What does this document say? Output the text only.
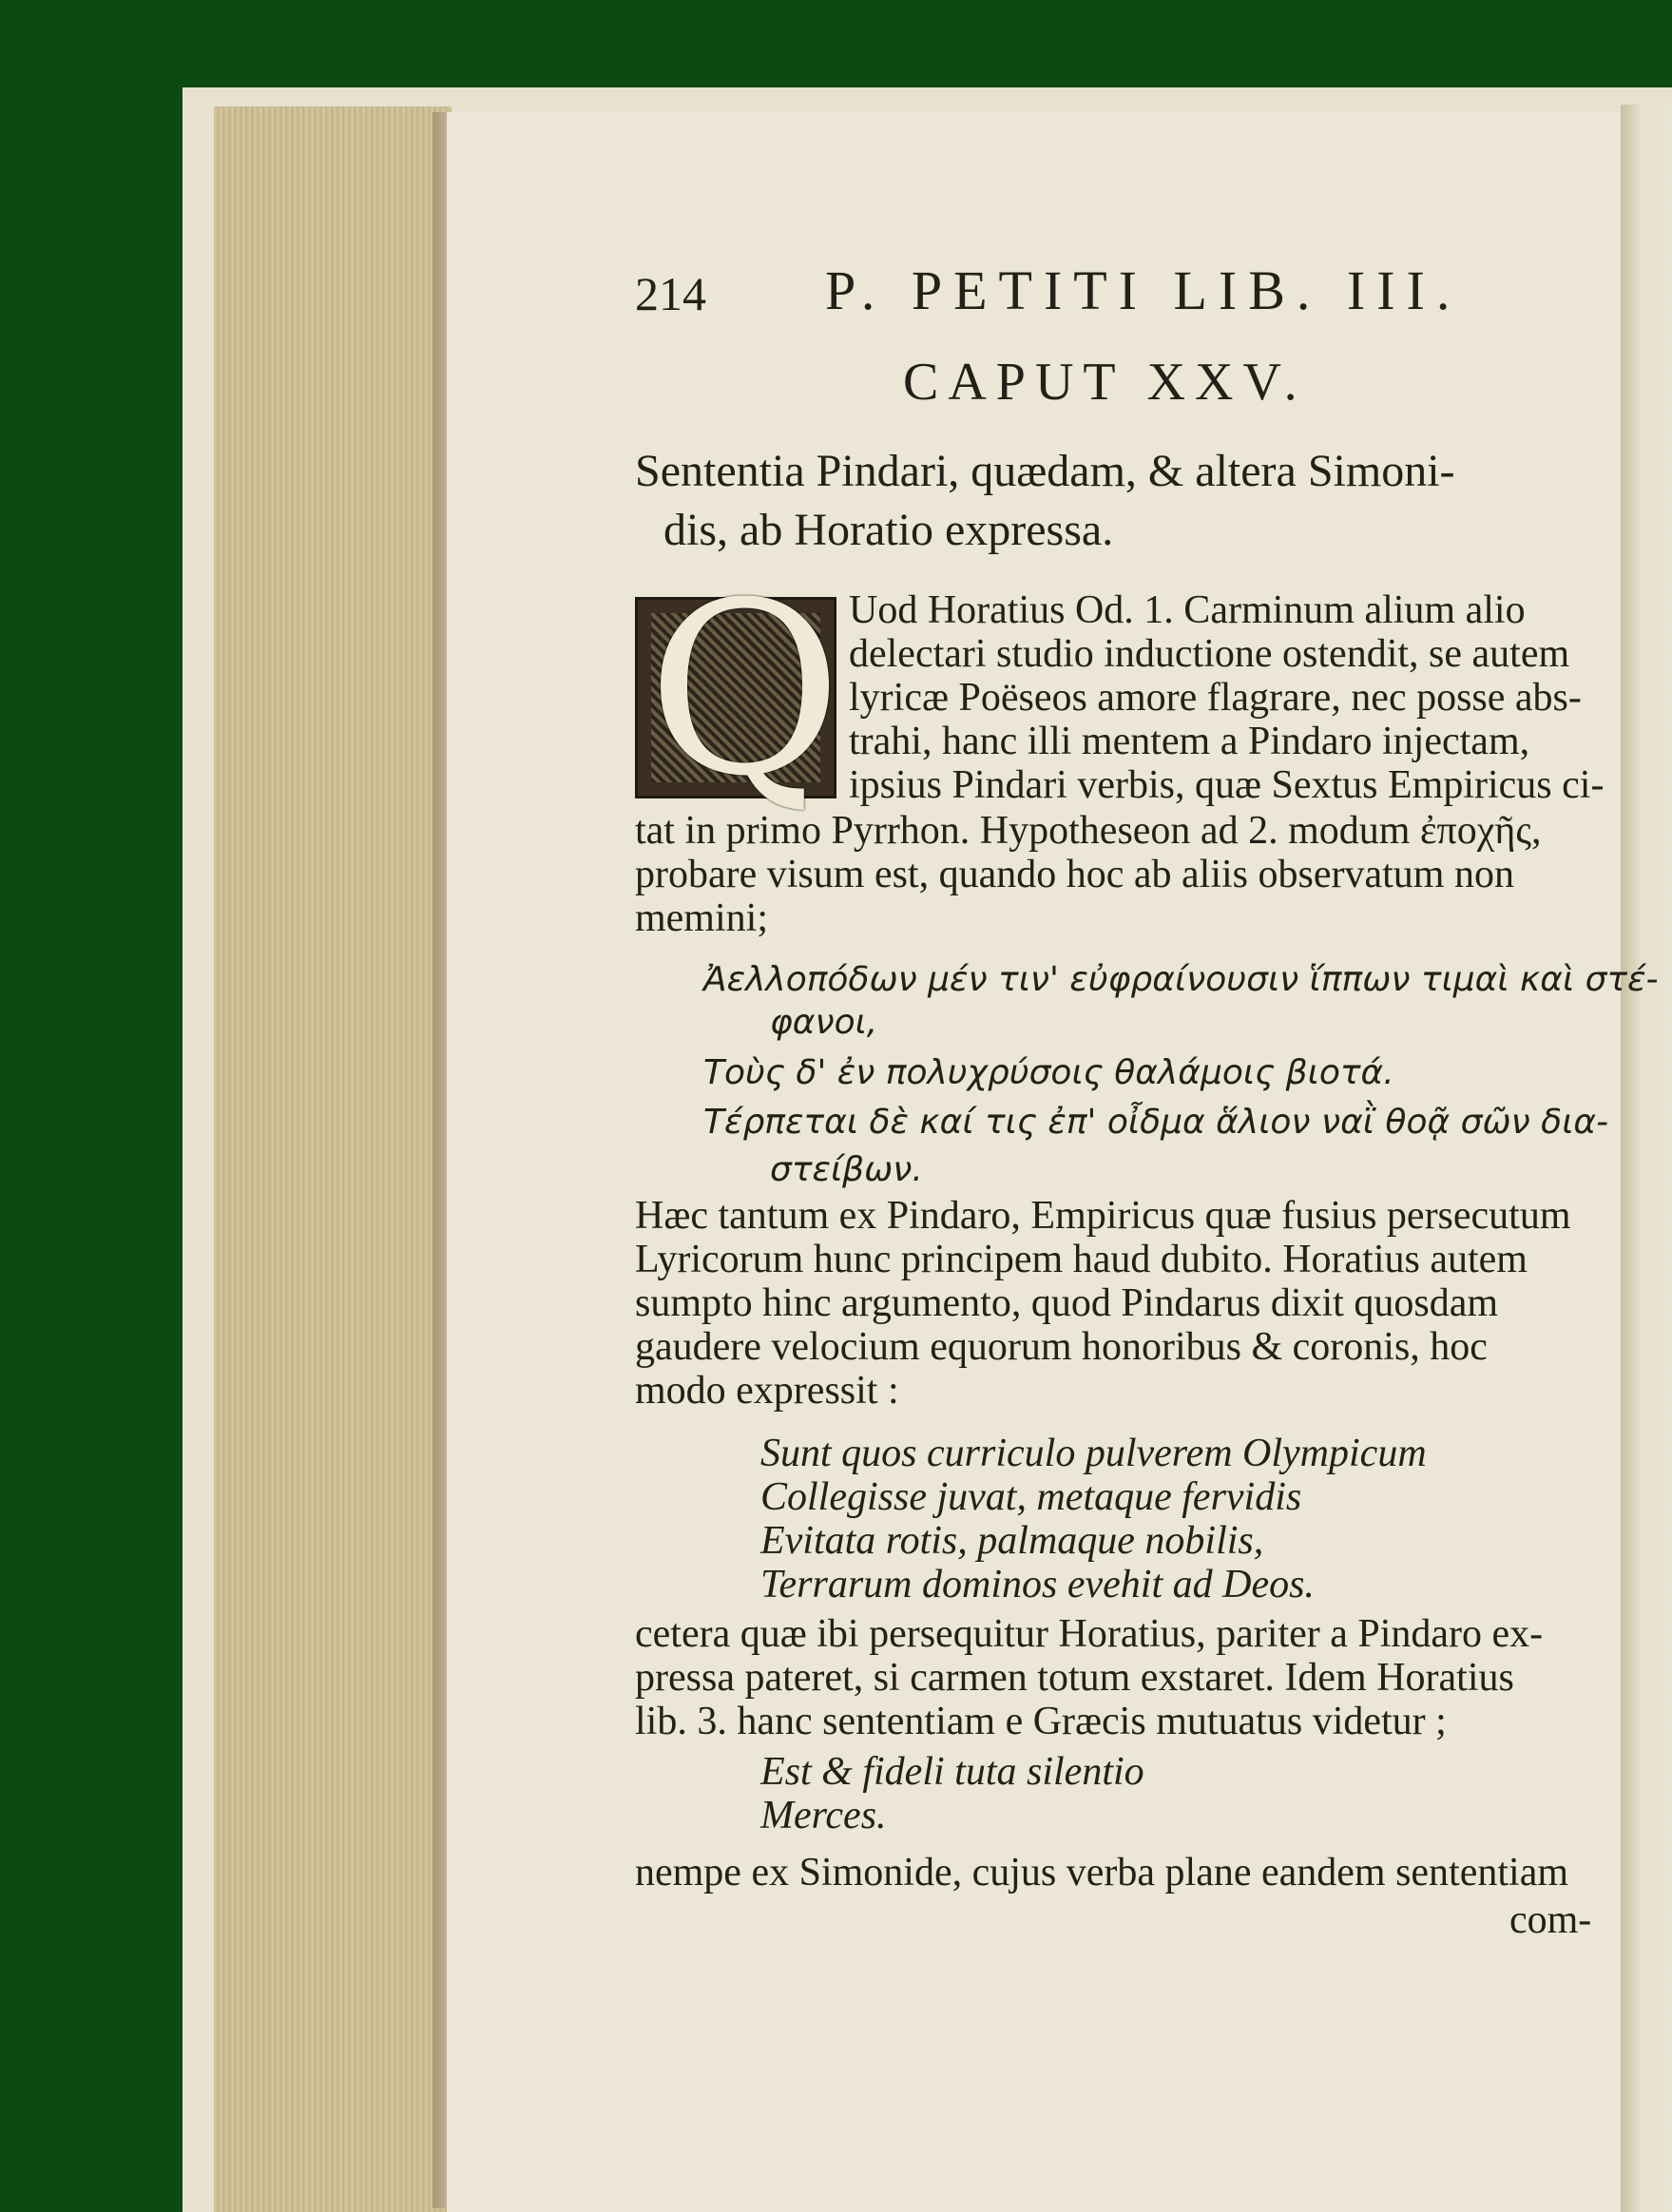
214 P. PETITI LIB. III.
CAPUT XXV.
Sententia Pindari, quædam, & altera Simoni-
dis, ab Horatio expressa.
Q Uod Horatius Od. 1. Carminum alium alio
delectari studio inductione ostendit, se autem
lyricæ Poëseos amore flagrare, nec posse abs-
trahi, hanc illi mentem a Pindaro injectam,
ipsius Pindari verbis, quæ Sextus Empiricus ci-
tat in primo Pyrrhon. Hypotheseon ad 2. modum ἐποχῆς,
probare visum est, quando hoc ab aliis observatum non
memini;
Ἀελλοπόδων μέν τιν' εὐφραίνουσιν ἵππων τιμαὶ καὶ στέ-
φανοι,
Τοὺς δ' ἐν πολυχρύσοις θαλάμοις βιοτά.
Τέρπεται δὲ καί τις ἐπ' οἶδμα ἅλιον ναῒ θοᾷ σῶν δια-
στείβων.
Hæc tantum ex Pindaro, Empiricus quæ fusius persecutum
Lyricorum hunc principem haud dubito. Horatius autem
sumpto hinc argumento, quod Pindarus dixit quosdam
gaudere velocium equorum honoribus & coronis, hoc
modo expressit :
Sunt quos curriculo pulverem Olympicum
Collegisse juvat, metaque fervidis
Evitata rotis, palmaque nobilis,
Terrarum dominos evehit ad Deos.
cetera quæ ibi persequitur Horatius, pariter a Pindaro ex-
pressa pateret, si carmen totum exstaret. Idem Horatius
lib. 3. hanc sententiam e Græcis mutuatus videtur ;
Est & fideli tuta silentio
Merces.
nempe ex Simonide, cujus verba plane eandem sententiam
com-
